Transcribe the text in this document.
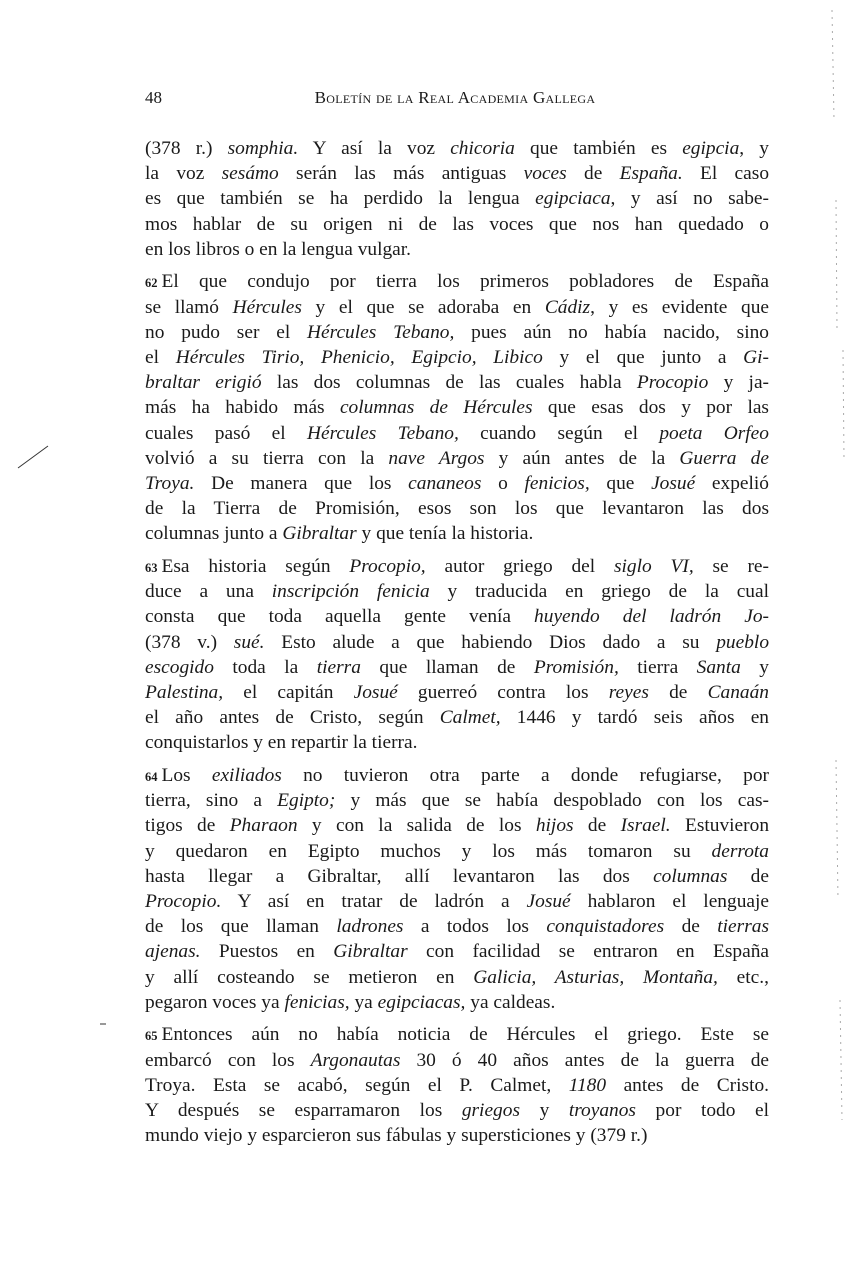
48	Boletín de la Real Academia Gallega
(378 r.) somphia. Y así la voz chicoria que también es egipcia, y
la voz sesámo serán las más antiguas voces de España. El caso
es que también se ha perdido la lengua egipciaca, y así no sabe-
mos hablar de su origen ni de las voces que nos han quedado o
en los libros o en la lengua vulgar.
62 El que condujo por tierra los primeros pobladores de España
se llamó Hércules y el que se adoraba en Cádiz, y es evidente que
no pudo ser el Hércules Tebano, pues aún no había nacido, sino
el Hércules Tirio, Phenicio, Egipcio, Libico y el que junto a Gi-
braltar erigió las dos columnas de las cuales habla Procopio y ja-
más ha habido más columnas de Hércules que esas dos y por las
cuales pasó el Hércules Tebano, cuando según el poeta Orfeo
volvió a su tierra con la nave Argos y aún antes de la Guerra de
Troya. De manera que los cananeos o fenicios, que Josué expelió
de la Tierra de Promisión, esos son los que levantaron las dos
columnas junto a Gibraltar y que tenía la historia.
63 Esa historia según Procopio, autor griego del siglo VI, se re-
duce a una inscripción fenicia y traducida en griego de la cual
consta que toda aquella gente venía huyendo del ladrón Jo-
(378 v.) sué. Esto alude a que habiendo Dios dado a su pueblo
escogido toda la tierra que llaman de Promisión, tierra Santa y
Palestina, el capitán Josué guerreó contra los reyes de Canaán
el año antes de Cristo, según Calmet, 1446 y tardó seis años en
conquistarlos y en repartir la tierra.
64 Los exiliados no tuvieron otra parte a donde refugiarse, por
tierra, sino a Egipto; y más que se había despoblado con los cas-
tigos de Pharaon y con la salida de los hijos de Israel. Estuvieron
y quedaron en Egipto muchos y los más tomaron su derrota
hasta llegar a Gibraltar, allí levantaron las dos columnas de
Procopio. Y así en tratar de ladrón a Josué hablaron el lenguaje
de los que llaman ladrones a todos los conquistadores de tierras
ajenas. Puestos en Gibraltar con facilidad se entraron en España
y allí costeando se metieron en Galicia, Asturias, Montaña, etc.,
pegaron voces ya fenicias, ya egipciacas, ya caldeas.
65 Entonces aún no había noticia de Hércules el griego. Este se
embarcó con los Argonautas 30 ó 40 años antes de la guerra de
Troya. Esta se acabó, según el P. Calmet, 1180 antes de Cristo.
Y después se esparramaron los griegos y troyanos por todo el
mundo viejo y esparcieron sus fábulas y supersticiones y (379 r.)
